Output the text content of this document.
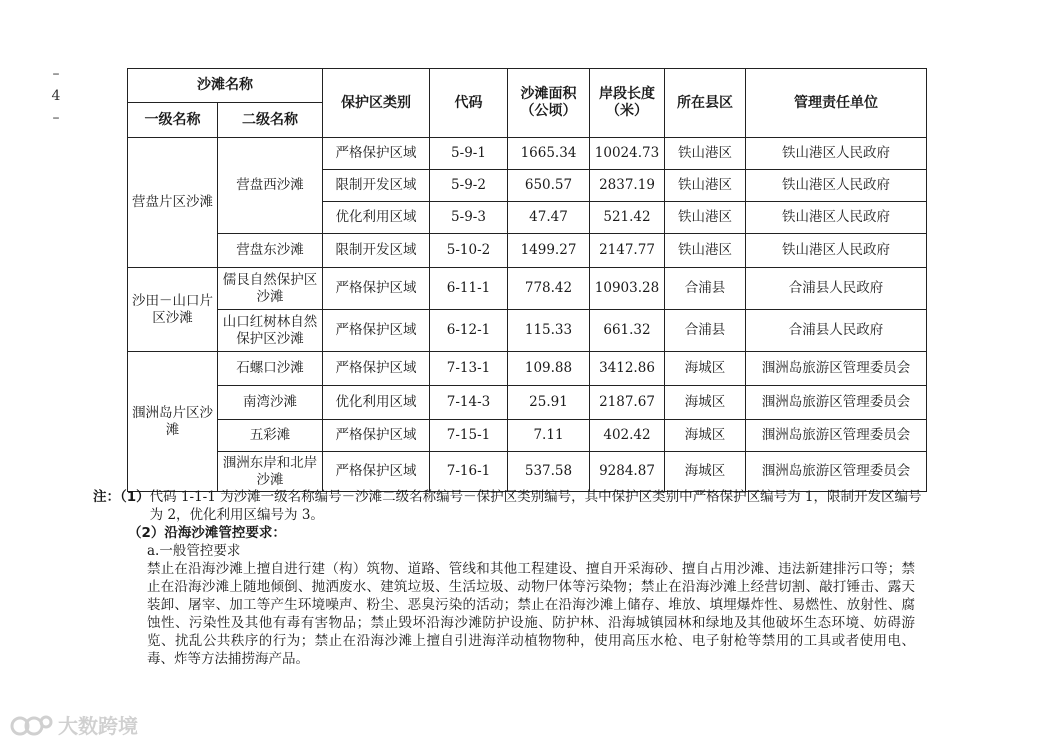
–
4
–
沙滩名称		保护区类别	代码	沙滩面积（公顷）	岸段长度（米）	所在县区	管理责任单位
一级名称	二级名称						
营盘片区沙滩	营盘西沙滩	严格保护区域	5-9-1	1665.34	10024.73	铁山港区	铁山港区人民政府
		限制开发区域	5-9-2	650.57	2837.19	铁山港区	铁山港区人民政府
		优化利用区域	5-9-3	47.47	521.42	铁山港区	铁山港区人民政府
	营盘东沙滩	限制开发区域	5-10-2	1499.27	2147.77	铁山港区	铁山港区人民政府
沙田－山口片区沙滩	儒艮自然保护区沙滩	严格保护区域	6-11-1	778.42	10903.28	合浦县	合浦县人民政府
	山口红树林自然保护区沙滩	严格保护区域	6-12-1	115.33	661.32	合浦县	合浦县人民政府
涠洲岛片区沙滩	石螺口沙滩	严格保护区域	7-13-1	109.88	3412.86	海城区	涠洲岛旅游区管理委员会
	南湾沙滩	优化利用区域	7-14-3	25.91	2187.67	海城区	涠洲岛旅游区管理委员会
	五彩滩	严格保护区域	7-15-1	7.11	402.42	海城区	涠洲岛旅游区管理委员会
	涠洲东岸和北岸沙滩	严格保护区域	7-16-1	537.58	9284.87	海城区	涠洲岛旅游区管理委员会
注：（1） 代码 1-1-1 为沙滩一级名称编号－沙滩二级名称编号－保护区类别编号，其中保护区类别中严格保护区编号为 1，限制开发区编号为 2，优化利用区编号为 3。
（2）沿海沙滩管控要求：
a.一般管控要求
禁止在沿海沙滩上擅自进行建（构）筑物、道路、管线和其他工程建设、擅自开采海砂、擅自占用沙滩、违法新建排污口等；禁止在沿海沙滩上随地倾倒、抛洒废水、建筑垃圾、生活垃圾、动物尸体等污染物；禁止在沿海沙滩上经营切割、敲打锤击、露天装卸、屠宰、加工等产生环境噪声、粉尘、恶臭污染的活动；禁止在沿海沙滩上储存、堆放、填埋爆炸性、易燃性、放射性、腐蚀性、污染性及其他有毒有害物品；禁止毁坏沿海沙滩防护设施、防护林、沿海城镇园林和绿地及其他破坏生态环境、妨碍游览、扰乱公共秩序的行为；禁止在沿海沙滩上擅自引进海洋动植物物种，使用高压水枪、电子射枪等禁用的工具或者使用电、毒、炸等方法捕捞海产品。
大数跨境
